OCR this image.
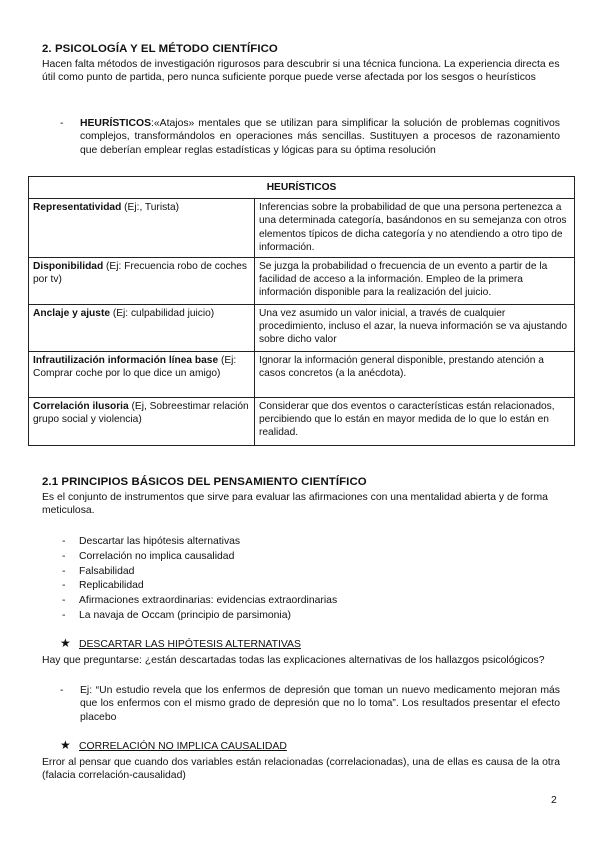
2. PSICOLOGÍA Y EL MÉTODO CIENTÍFICO
Hacen falta métodos de investigación rigurosos para descubrir si una técnica funciona. La experiencia directa es útil como punto de partida, pero nunca suficiente porque puede verse afectada por los sesgos o heurísticos
- HEURÍSTICOS:«Atajos» mentales que se utilizan para simplificar la solución de problemas cognitivos complejos, transformándolos en operaciones más sencillas. Sustituyen a procesos de razonamiento que deberían emplear reglas estadísticas y lógicas para su óptima resolución
HEURÍSTICOS	
Representatividad (Ej:, Turista)	Inferencias sobre la probabilidad de que una persona pertenezca a una determinada categoría, basándonos en su semejanza con otros elementos típicos de dicha categoría y no atendiendo a otro tipo de información.
Disponibilidad (Ej: Frecuencia robo de coches por tv)	Se juzga la probabilidad o frecuencia de un evento a partir de la facilidad de acceso a la información. Empleo de la primera información disponible para la realización del juicio.
Anclaje y ajuste (Ej: culpabilidad juicio)	Una vez asumido un valor inicial, a través de cualquier procedimiento, incluso el azar, la nueva información se va ajustando sobre dicho valor
Infrautilización información línea base (Ej: Comprar coche por lo que dice un amigo)	Ignorar la información general disponible, prestando atención a casos concretos (a la anécdota).
Correlación ilusoria (Ej, Sobreestimar relación grupo social y violencia)	Considerar que dos eventos o características están relacionados, percibiendo que lo están en mayor medida de lo que lo están en realidad.
2.1 PRINCIPIOS BÁSICOS DEL PENSAMIENTO CIENTÍFICO
Es el conjunto de instrumentos que sirve para evaluar las afirmaciones con una mentalidad abierta y de forma meticulosa.
- Descartar las hipótesis alternativas
- Correlación no implica causalidad
- Falsabilidad
- Replicabilidad
- Afirmaciones extraordinarias: evidencias extraordinarias
- La navaja de Occam (principio de parsimonia)
★ DESCARTAR LAS HIPÓTESIS ALTERNATIVAS
Hay que preguntarse: ¿están descartadas todas las explicaciones alternativas de los hallazgos psicológicos?
- Ej: “Un estudio revela que los enfermos de depresión que toman un nuevo medicamento mejoran más que los enfermos con el mismo grado de depresión que no lo toma”. Los resultados presentar el efecto placebo
★ CORRELACIÓN NO IMPLICA CAUSALIDAD
Error al pensar que cuando dos variables están relacionadas (correlacionadas), una de ellas es causa de la otra (falacia correlación-causalidad)
2
